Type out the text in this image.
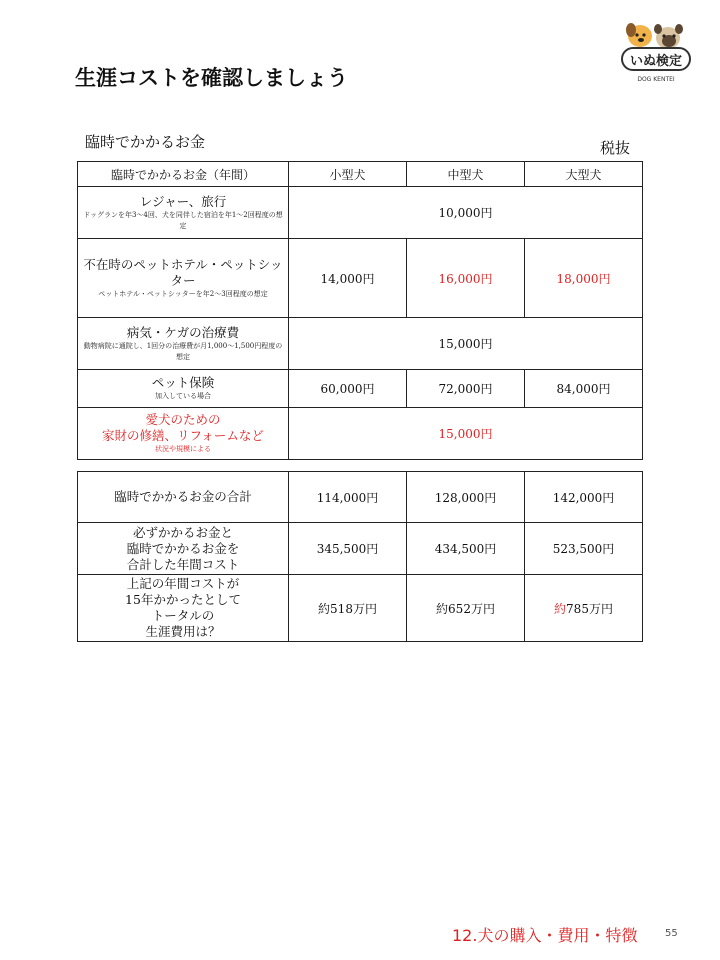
生涯コストを確認しましょう
いぬ検定
DOG KENTEI
臨時でかかるお金	税抜
臨時でかかるお金（年間）	小型犬	中型犬	大型犬

レジャー、旅行
ドッグランを年3～4回、犬を同伴した宿泊を年1～2回程度の想定	10,000円		

不在時のペットホテル・ペットシッター
ペットホテル・ペットシッターを年2～3回程度の想定	14,000円	16,000円	18,000円

病気・ケガの治療費
動物病院に通院し、1回分の治療費が月1,000～1,500円程度の想定	15,000円		

ペット保険
加入している場合	60,000円	72,000円	84,000円

愛犬のための
家財の修繕、リフォームなど
状況や規模による	15,000円		
臨時でかかるお金の合計	114,000円	128,000円	142,000円

必ずかかるお金と
臨時でかかるお金を
合計した年間コスト	345,500円	434,500円	523,500円

上記の年間コストが
15年かかったとして
トータルの
生涯費用は？	約518万円	約652万円	約785万円
12.犬の購入・費用・特徴	55
